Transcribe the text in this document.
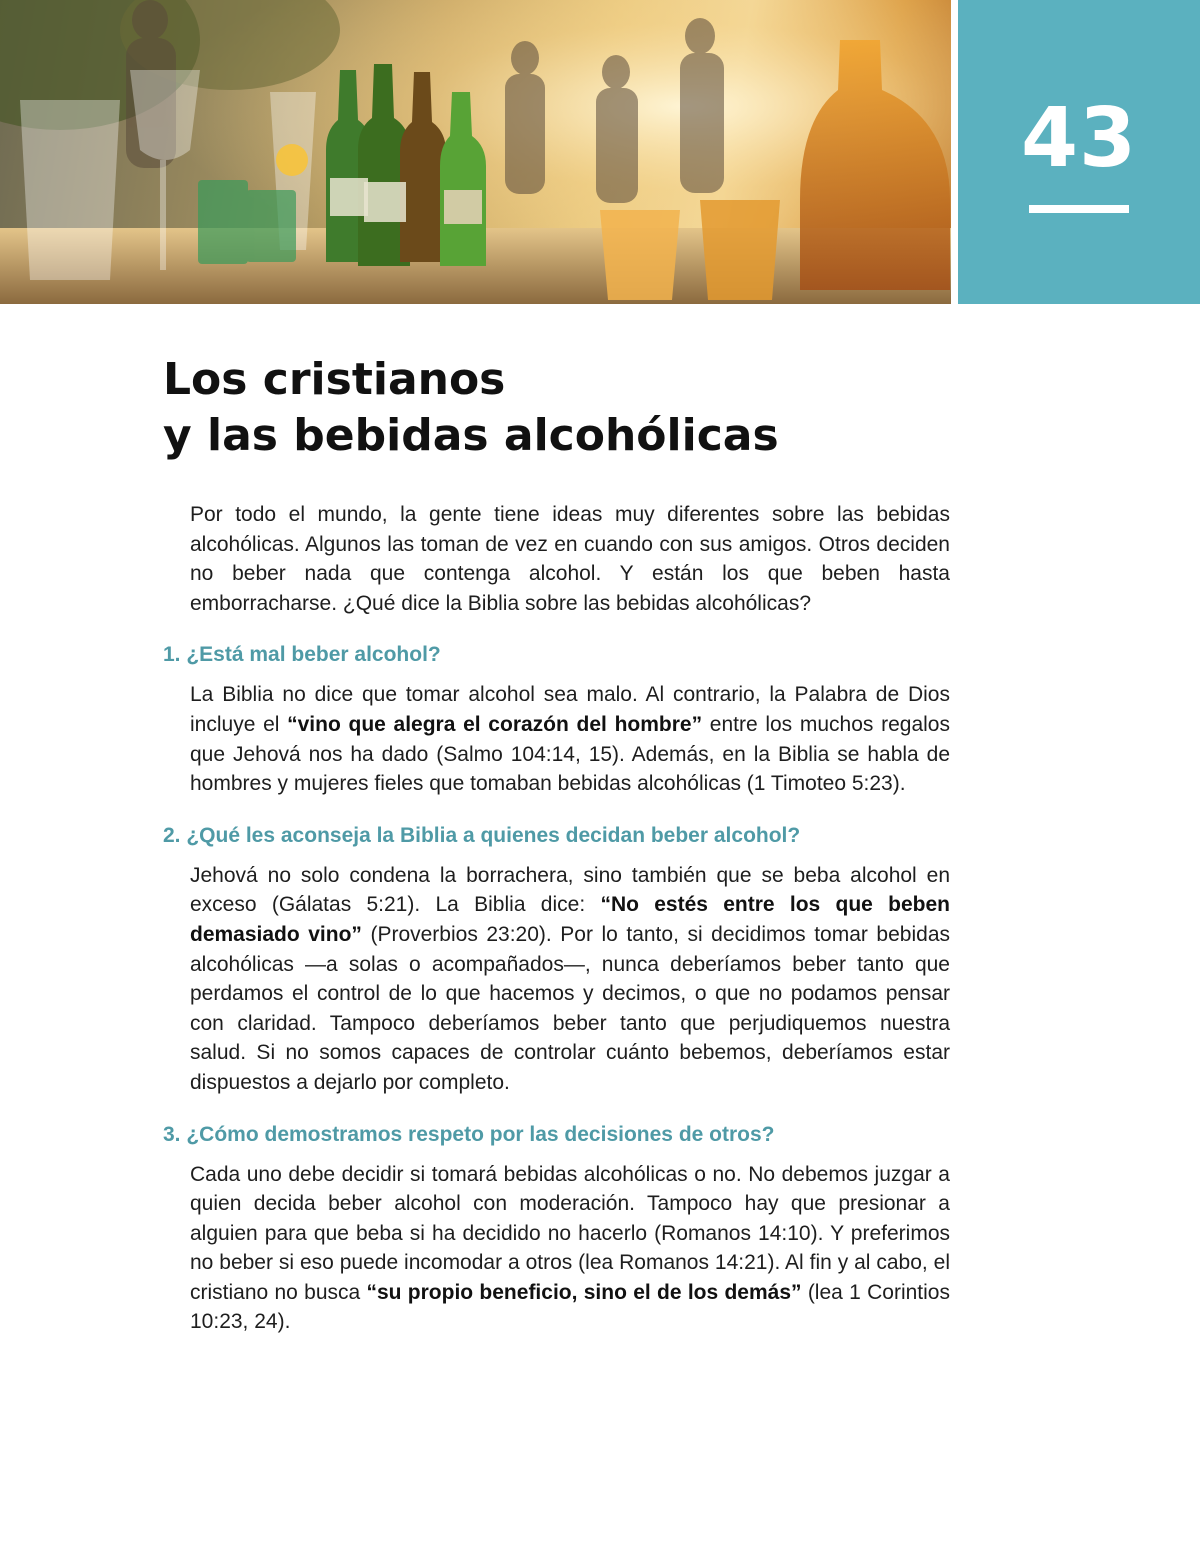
43
Los cristianos
y las bebidas alcohólicas

Por todo el mundo, la gente tiene ideas muy diferentes sobre las bebidas alcohólicas. Algunos las toman de vez en cuando con sus amigos. Otros deciden no beber nada que contenga alcohol. Y están los que beben hasta emborracharse. ¿Qué dice la Biblia sobre las bebidas alcohólicas?

1. ¿Está mal beber alcohol?

La Biblia no dice que tomar alcohol sea malo. Al contrario, la Palabra de Dios incluye el “vino que alegra el corazón del hombre” entre los muchos regalos que Jehová nos ha dado (Salmo 104:14, 15). Además, en la Biblia se habla de hombres y mujeres fieles que tomaban bebidas alcohólicas (1 Timoteo 5:23).

2. ¿Qué les aconseja la Biblia a quienes decidan beber alcohol?

Jehová no solo condena la borrachera, sino también que se beba alcohol en exceso (Gálatas 5:21). La Biblia dice: “No estés entre los que beben demasiado vino” (Proverbios 23:20). Por lo tanto, si decidimos tomar bebidas alcohólicas —a solas o acompañados—, nunca deberíamos beber tanto que perdamos el control de lo que hacemos y decimos, o que no podamos pensar con claridad. Tampoco deberíamos beber tanto que perjudiquemos nuestra salud. Si no somos capaces de controlar cuánto bebemos, deberíamos estar dispuestos a dejarlo por completo.

3. ¿Cómo demostramos respeto por las decisiones de otros?

Cada uno debe decidir si tomará bebidas alcohólicas o no. No debemos juzgar a quien decida beber alcohol con moderación. Tampoco hay que presionar a alguien para que beba si ha decidido no hacerlo (Romanos 14:10). Y preferimos no beber si eso puede incomodar a otros (lea Romanos 14:21). Al fin y al cabo, el cristiano no busca “su propio beneficio, sino el de los demás” (lea 1 Corintios 10:23, 24).
